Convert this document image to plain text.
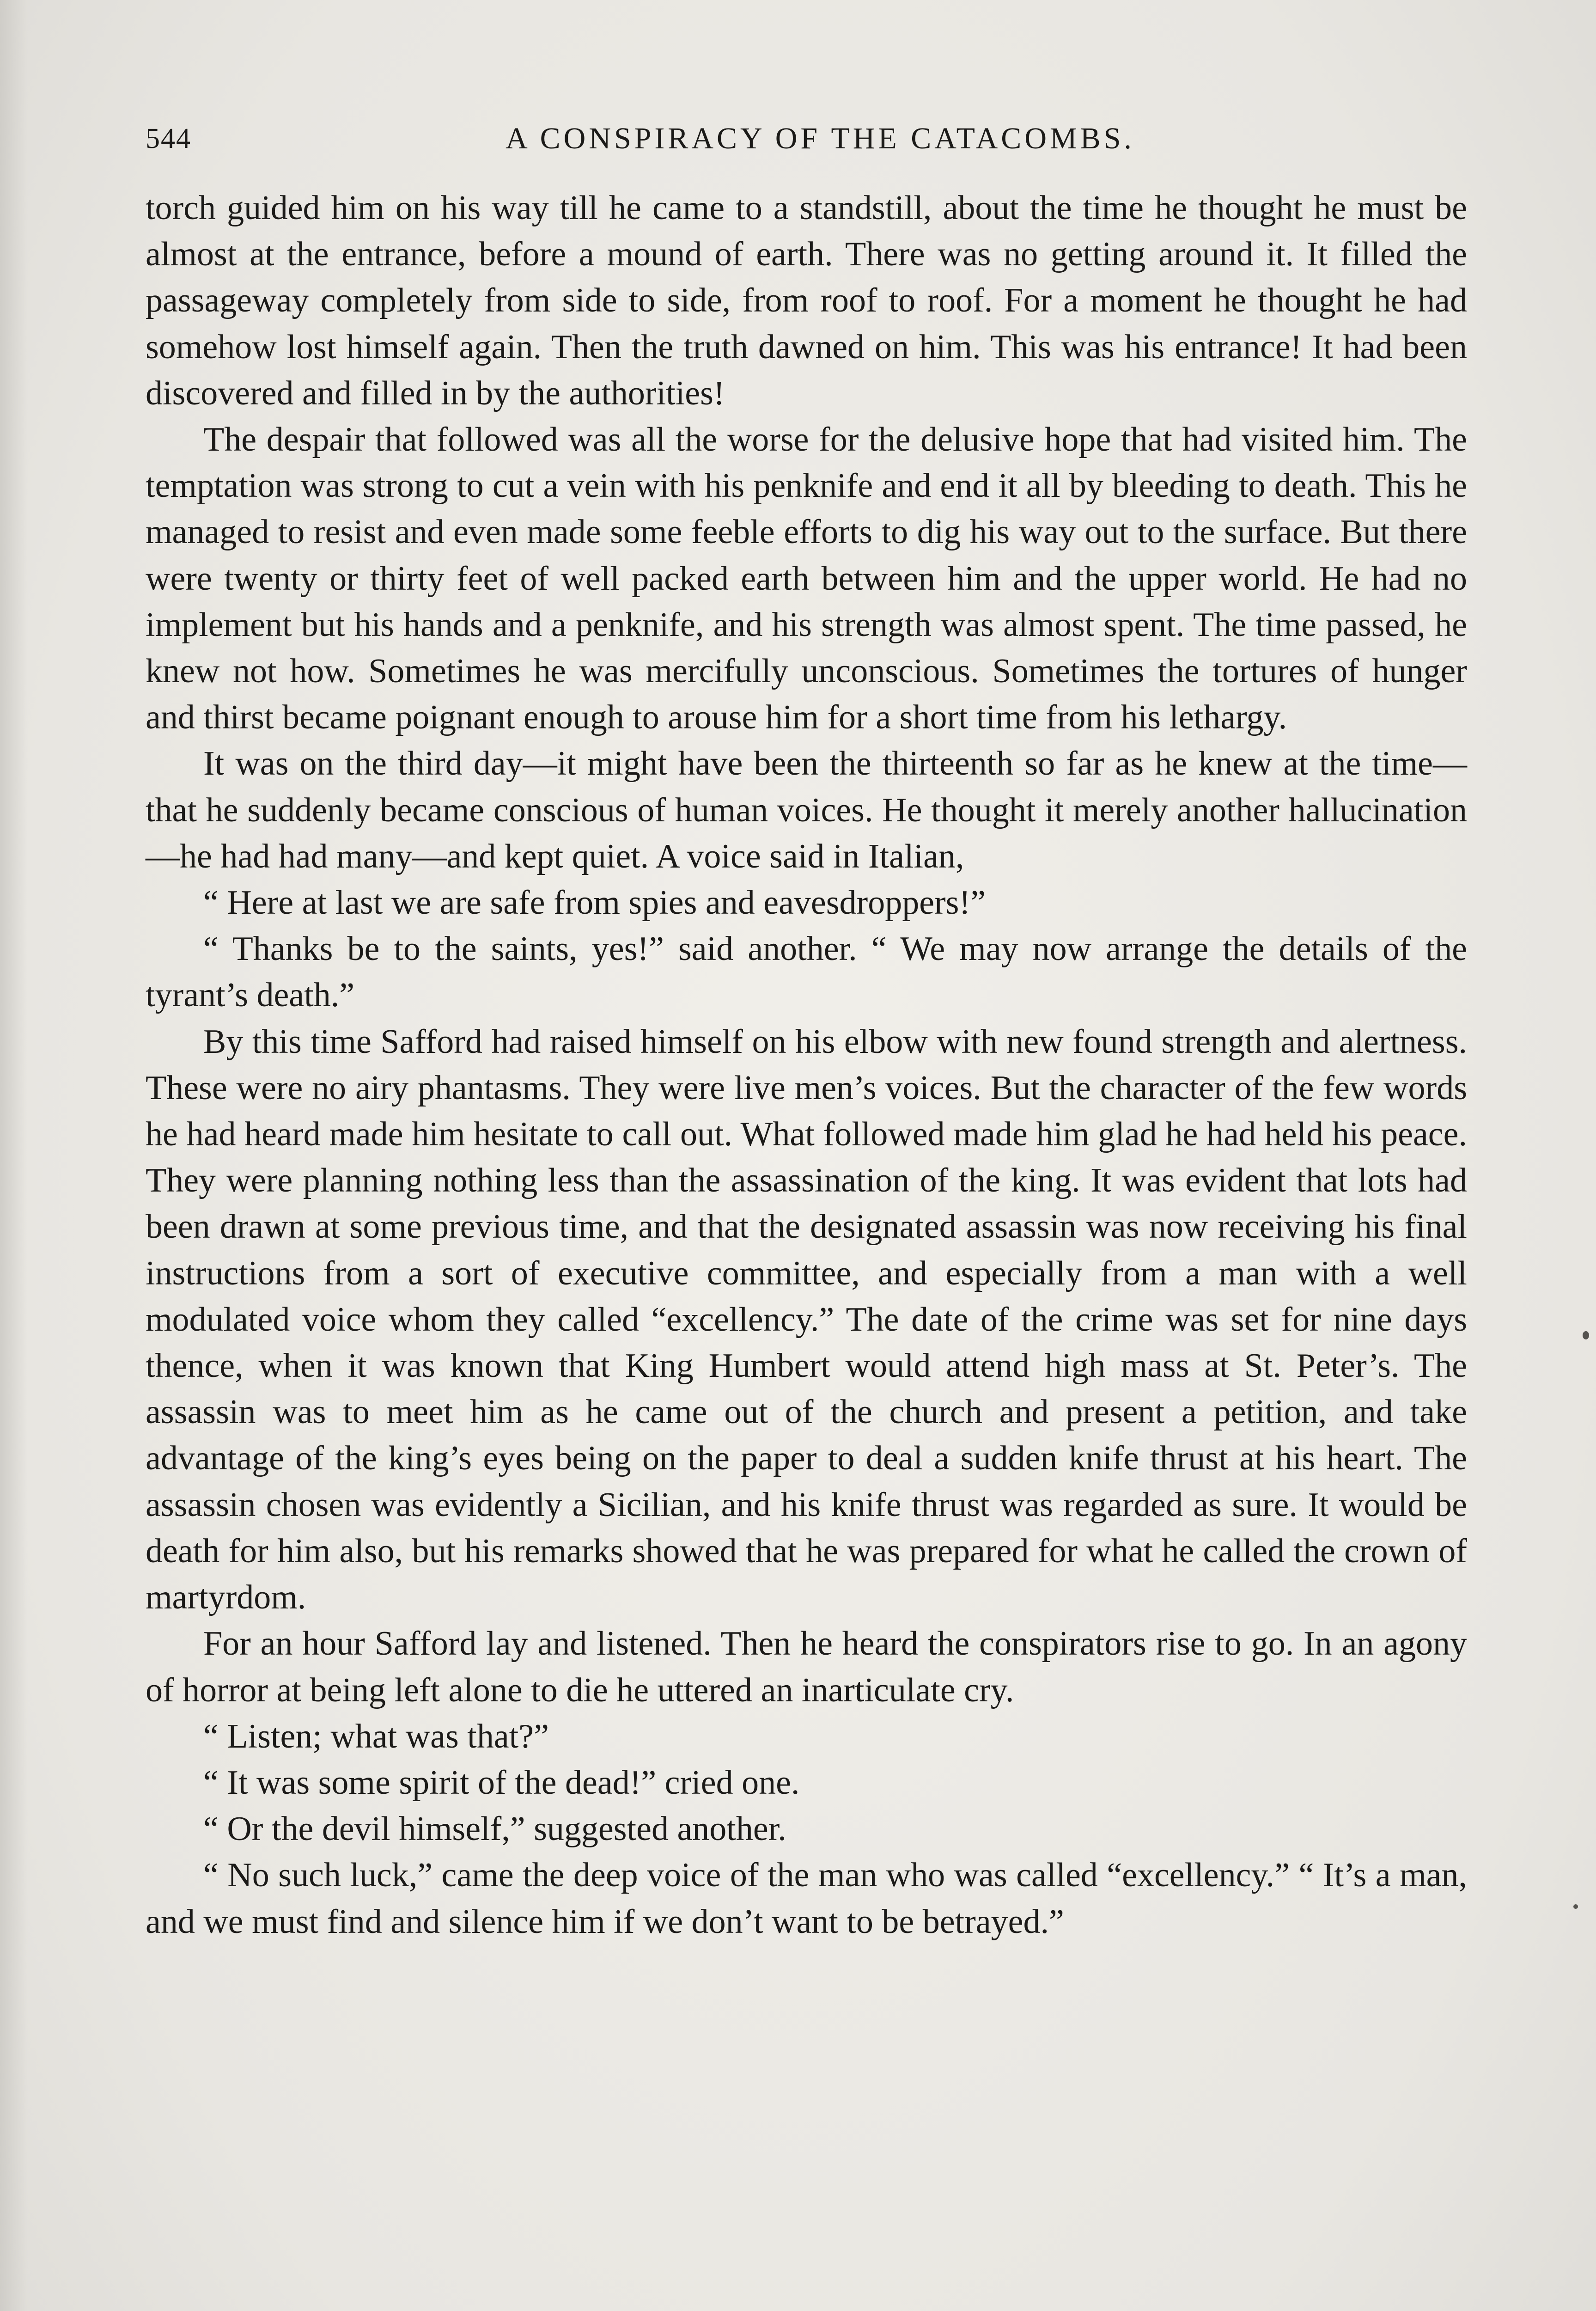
544	A CONSPIRACY OF THE CATACOMBS.

torch guided him on his way till he came to a standstill, about the time he thought he must be almost at the entrance, before a mound of earth. There was no getting around it. It filled the passageway completely from side to side, from roof to roof. For a moment he thought he had somehow lost himself again. Then the truth dawned on him. This was his entrance! It had been discovered and filled in by the authorities!

The despair that followed was all the worse for the delusive hope that had visited him. The temptation was strong to cut a vein with his penknife and end it all by bleeding to death. This he managed to resist and even made some feeble efforts to dig his way out to the surface. But there were twenty or thirty feet of well packed earth between him and the upper world. He had no implement but his hands and a penknife, and his strength was almost spent. The time passed, he knew not how. Sometimes he was mercifully unconscious. Sometimes the tortures of hunger and thirst became poignant enough to arouse him for a short time from his lethargy.

It was on the third day—it might have been the thirteenth so far as he knew at the time—that he suddenly became conscious of human voices. He thought it merely another hallucination—he had had many—and kept quiet. A voice said in Italian,

“ Here at last we are safe from spies and eavesdroppers!”

“ Thanks be to the saints, yes!” said another. “ We may now arrange the details of the tyrant’s death.”

By this time Safford had raised himself on his elbow with new found strength and alertness. These were no airy phantasms. They were live men’s voices. But the character of the few words he had heard made him hesitate to call out. What followed made him glad he had held his peace. They were planning nothing less than the assassination of the king. It was evident that lots had been drawn at some previous time, and that the designated assassin was now receiving his final instructions from a sort of executive committee, and especially from a man with a well modulated voice whom they called “excellency.” The date of the crime was set for nine days thence, when it was known that King Humbert would attend high mass at St. Peter’s. The assassin was to meet him as he came out of the church and present a petition, and take advantage of the king’s eyes being on the paper to deal a sudden knife thrust at his heart. The assassin chosen was evidently a Sicilian, and his knife thrust was regarded as sure. It would be death for him also, but his remarks showed that he was prepared for what he called the crown of martyrdom.

For an hour Safford lay and listened. Then he heard the conspirators rise to go. In an agony of horror at being left alone to die he uttered an inarticulate cry.

“ Listen; what was that?”

“ It was some spirit of the dead!” cried one.

“ Or the devil himself,” suggested another.

“ No such luck,” came the deep voice of the man who was called “excellency.” “ It’s a man, and we must find and silence him if we don’t want to be betrayed.”
